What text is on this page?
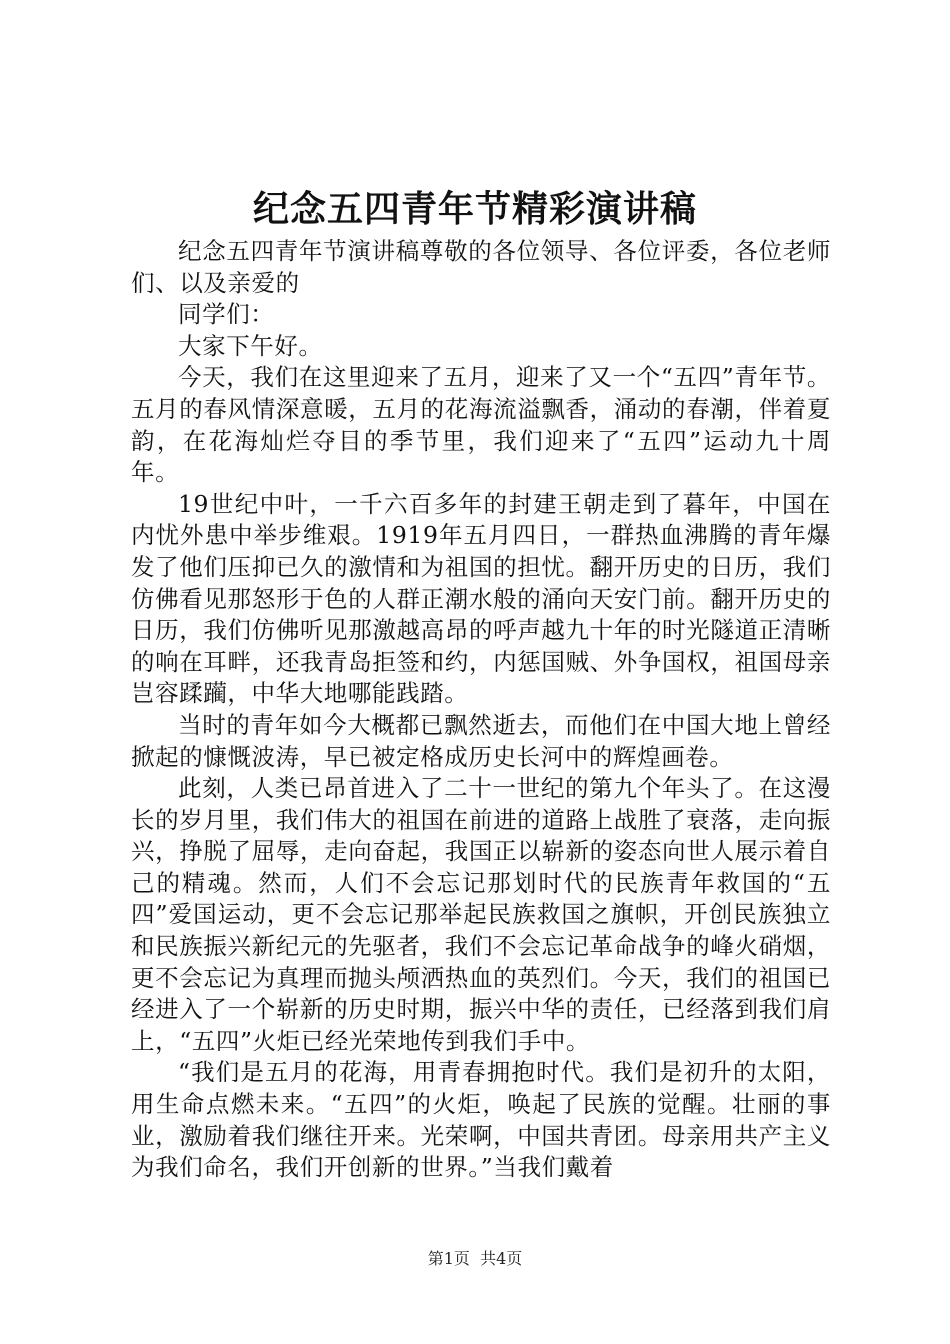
纪念五四青年节精彩演讲稿

纪念五四青年节演讲稿尊敬的各位领导、各位评委，各位老师们、以及亲爱的

同学们：

大家下午好。

今天，我们在这里迎来了五月，迎来了又一个“五四”青年节。五月的春风情深意暖，五月的花海流溢飘香，涌动的春潮，伴着夏韵，在花海灿烂夺目的季节里，我们迎来了“五四”运动九十周年。

19世纪中叶，一千六百多年的封建王朝走到了暮年，中国在内忧外患中举步维艰。1919年五月四日，一群热血沸腾的青年爆发了他们压抑已久的激情和为祖国的担忧。翻开历史的日历，我们仿佛看见那怒形于色的人群正潮水般的涌向天安门前。翻开历史的日历，我们仿佛听见那激越高昂的呼声越九十年的时光隧道正清晰的响在耳畔，还我青岛拒签和约，内惩国贼、外争国权，祖国母亲岂容蹂躏，中华大地哪能践踏。

当时的青年如今大概都已飘然逝去，而他们在中国大地上曾经掀起的慷慨波涛，早已被定格成历史长河中的辉煌画卷。

此刻，人类已昂首进入了二十一世纪的第九个年头了。在这漫长的岁月里，我们伟大的祖国在前进的道路上战胜了衰落，走向振兴，挣脱了屈辱，走向奋起，我国正以崭新的姿态向世人展示着自己的精魂。然而，人们不会忘记那划时代的民族青年救国的“五四”爱国运动，更不会忘记那举起民族救国之旗帜，开创民族独立和民族振兴新纪元的先驱者，我们不会忘记革命战争的峰火硝烟，更不会忘记为真理而抛头颅洒热血的英烈们。今天，我们的祖国已经进入了一个崭新的历史时期，振兴中华的责任，已经落到我们肩上，“五四”火炬已经光荣地传到我们手中。

“我们是五月的花海，用青春拥抱时代。我们是初升的太阳，用生命点燃未来。“五四”的火炬，唤起了民族的觉醒。壮丽的事业，激励着我们继往开来。光荣啊，中国共青团。母亲用共产主义为我们命名，我们开创新的世界。”当我们戴着

第1页  共4页
